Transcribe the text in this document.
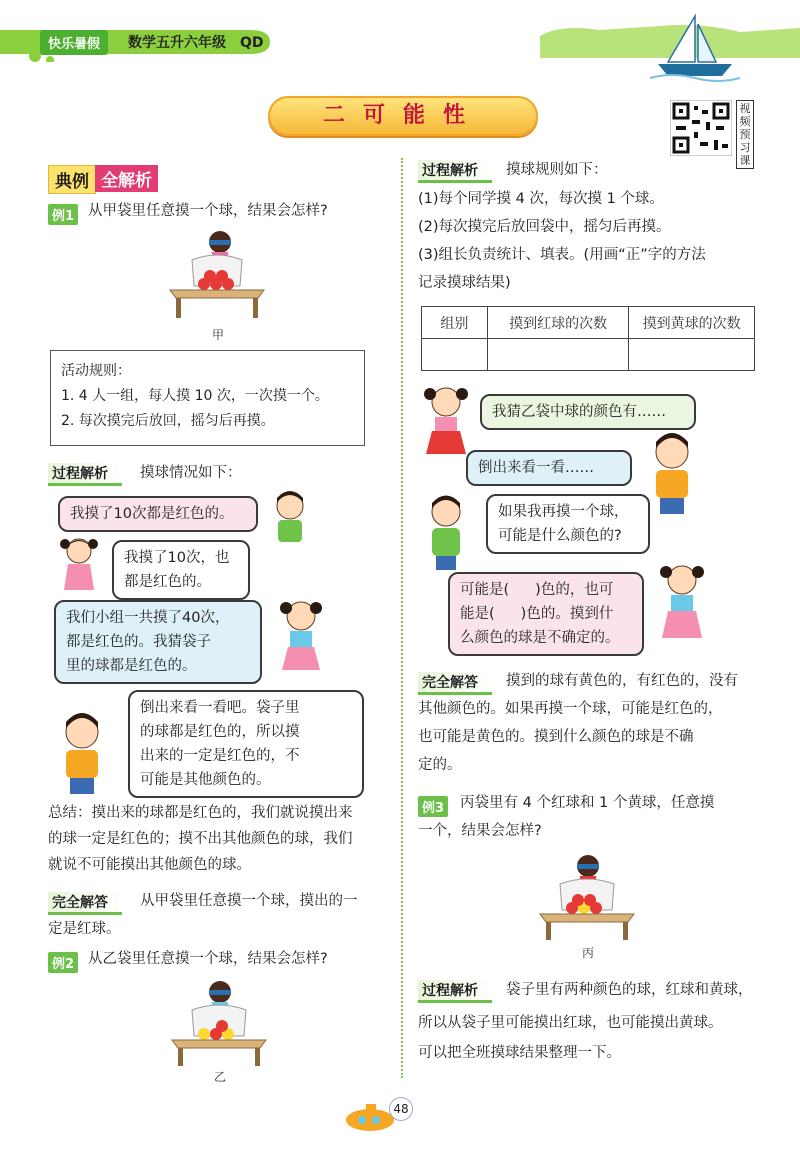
快乐暑假	数学五升六年级　QD
二可能性	视频预习课
典例 全解析
例1 从甲袋里任意摸一个球，结果会怎样?
甲
活动规则：
1. 4 人一组，每人摸 10 次，一次摸一个。
2. 每次摸完后放回，摇匀后再摸。
过程解析	摸球情况如下：
我摸了10次都是红色的。
我摸了10次，也
都是红色的。
我们小组一共摸了40次，
都是红色的。我猜袋子
里的球都是红色的。
倒出来看一看吧。袋子里
的球都是红色的，所以摸
出来的一定是红色的，不
可能是其他颜色的。
总结：摸出来的球都是红色的，我们就说摸出来
的球一定是红色的；摸不出其他颜色的球，我们
就说不可能摸出其他颜色的球。
完全解答	从甲袋里任意摸一个球，摸出的一
定是红球。
例2 从乙袋里任意摸一个球，结果会怎样?
乙
过程解析	摸球规则如下：
(1)每个同学摸 4 次，每次摸 1 个球。
(2)每次摸完后放回袋中，摇匀后再摸。
(3)组长负责统计、填表。(用画“正”字的方法
记录摸球结果)
组别	摸到红球的次数	摸到黄球的次数

我猜乙袋中球的颜色有……
倒出来看一看……
如果我再摸一个球，
可能是什么颜色的?
可能是( )色的，也可
能是( )色的。摸到什
么颜色的球是不确定的。
完全解答	摸到的球有黄色的，有红色的，没有
其他颜色的。如果再摸一个球，可能是红色的，
也可能是黄色的。摸到什么颜色的球是不确
定的。
例3 丙袋里有 4 个红球和 1 个黄球，任意摸
一个，结果会怎样?
丙
过程解析	袋子里有两种颜色的球，红球和黄球，
所以从袋子里可能摸出红球，也可能摸出黄球。
可以把全班摸球结果整理一下。
48
